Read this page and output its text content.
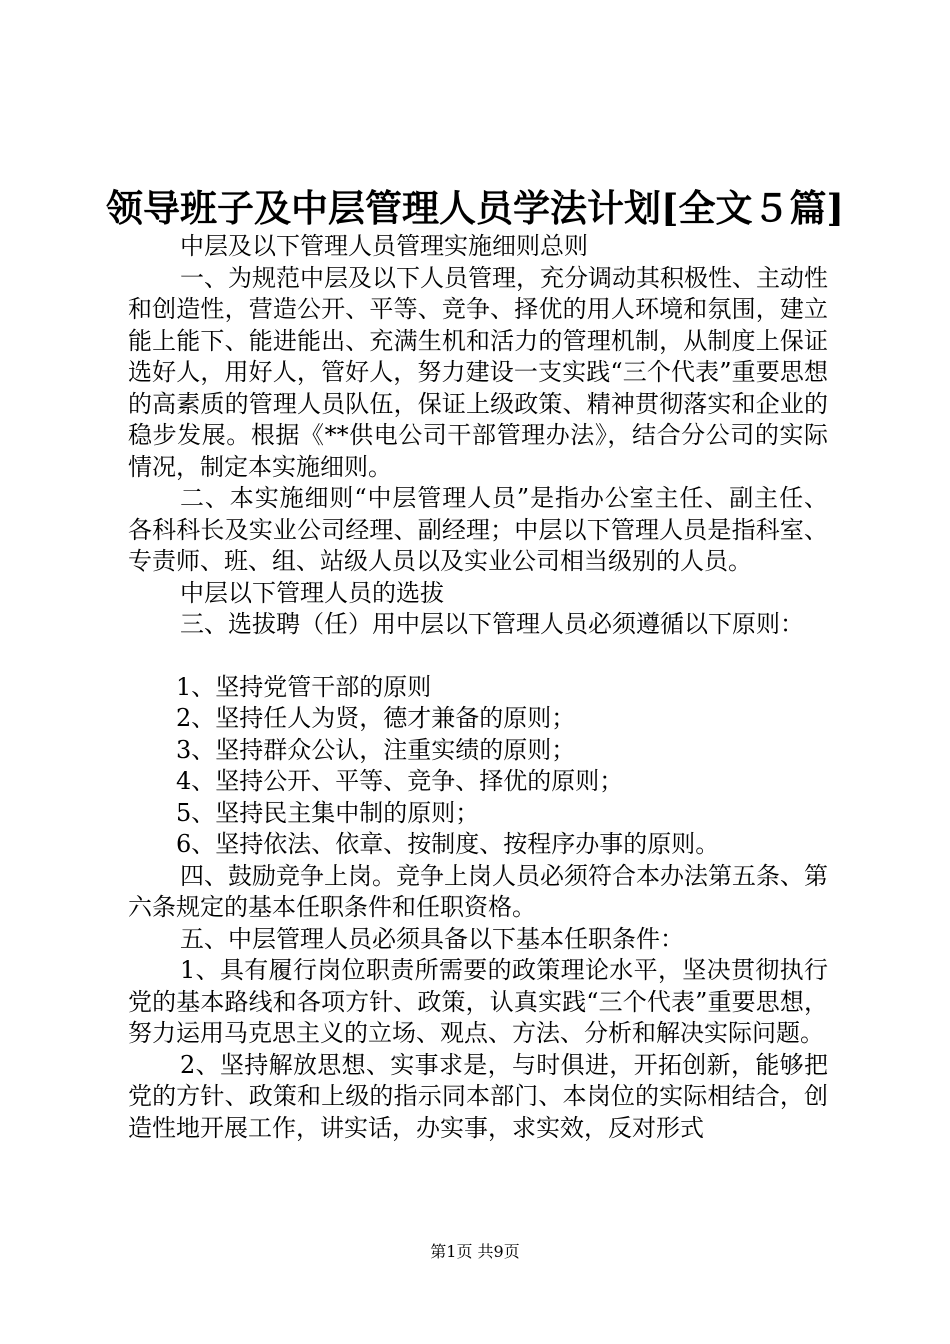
领导班子及中层管理人员学法计划[全文５篇]

中层及以下管理人员管理实施细则总则

一、为规范中层及以下人员管理，充分调动其积极性、主动性和创造性，营造公开、平等、竞争、择优的用人环境和氛围，建立能上能下、能进能出、充满生机和活力的管理机制，从制度上保证选好人，用好人，管好人，努力建设一支实践“三个代表”重要思想的高素质的管理人员队伍，保证上级政策、精神贯彻落实和企业的稳步发展。根据《**供电公司干部管理办法》，结合分公司的实际情况，制定本实施细则。

二、本实施细则“中层管理人员”是指办公室主任、副主任、各科科长及实业公司经理、副经理；中层以下管理人员是指科室、专责师、班、组、站级人员以及实业公司相当级别的人员。

中层以下管理人员的选拔

三、选拔聘（任）用中层以下管理人员必须遵循以下原则：

1、坚持党管干部的原则

2、坚持任人为贤，德才兼备的原则；

3、坚持群众公认，注重实绩的原则；

4、坚持公开、平等、竞争、择优的原则；

5、坚持民主集中制的原则；

6、坚持依法、依章、按制度、按程序办事的原则。

四、鼓励竞争上岗。竞争上岗人员必须符合本办法第五条、第六条规定的基本任职条件和任职资格。

五、中层管理人员必须具备以下基本任职条件：

1、具有履行岗位职责所需要的政策理论水平，坚决贯彻执行党的基本路线和各项方针、政策，认真实践“三个代表”重要思想，努力运用马克思主义的立场、观点、方法、分析和解决实际问题。

2、坚持解放思想、实事求是，与时俱进，开拓创新，能够把党的方针、政策和上级的指示同本部门、本岗位的实际相结合，创造性地开展工作，讲实话，办实事，求实效，反对形式

第1页 共9页
